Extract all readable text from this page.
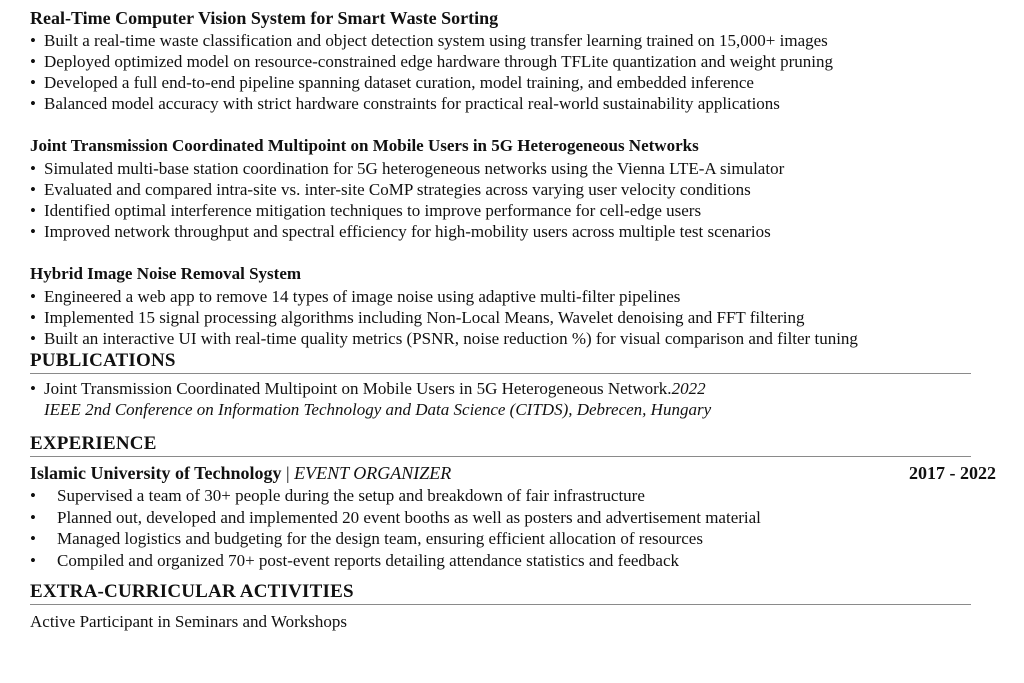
Real-Time Computer Vision System for Smart Waste Sorting

• Built a real-time waste classification and object detection system using transfer learning trained on 15,000+ images
• Deployed optimized model on resource-constrained edge hardware through TFLite quantization and weight pruning
• Developed a full end-to-end pipeline spanning dataset curation, model training, and embedded inference
• Balanced model accuracy with strict hardware constraints for practical real-world sustainability applications

Joint Transmission Coordinated Multipoint on Mobile Users in 5G Heterogeneous Networks

• Simulated multi-base station coordination for 5G heterogeneous networks using the Vienna LTE-A simulator
• Evaluated and compared intra-site vs. inter-site CoMP strategies across varying user velocity conditions
• Identified optimal interference mitigation techniques to improve performance for cell-edge users
• Improved network throughput and spectral efficiency for high-mobility users across multiple test scenarios

Hybrid Image Noise Removal System

• Engineered a web app to remove 14 types of image noise using adaptive multi-filter pipelines
• Implemented 15 signal processing algorithms including Non-Local Means, Wavelet denoising and FFT filtering
• Built an interactive UI with real-time quality metrics (PSNR, noise reduction %) for visual comparison and filter tuning

PUBLICATIONS

• Joint Transmission Coordinated Multipoint on Mobile Users in 5G Heterogeneous Network.2022
IEEE 2nd Conference on Information Technology and Data Science (CITDS), Debrecen, Hungary

EXPERIENCE

Islamic University of Technology | EVENT ORGANIZER	2017 - 2022
• Supervised a team of 30+ people during the setup and breakdown of fair infrastructure
• Planned out, developed and implemented 20 event booths as well as posters and advertisement material
• Managed logistics and budgeting for the design team, ensuring efficient allocation of resources
• Compiled and organized 70+ post-event reports detailing attendance statistics and feedback

EXTRA-CURRICULAR ACTIVITIES

Active Participant in Seminars and Workshops
